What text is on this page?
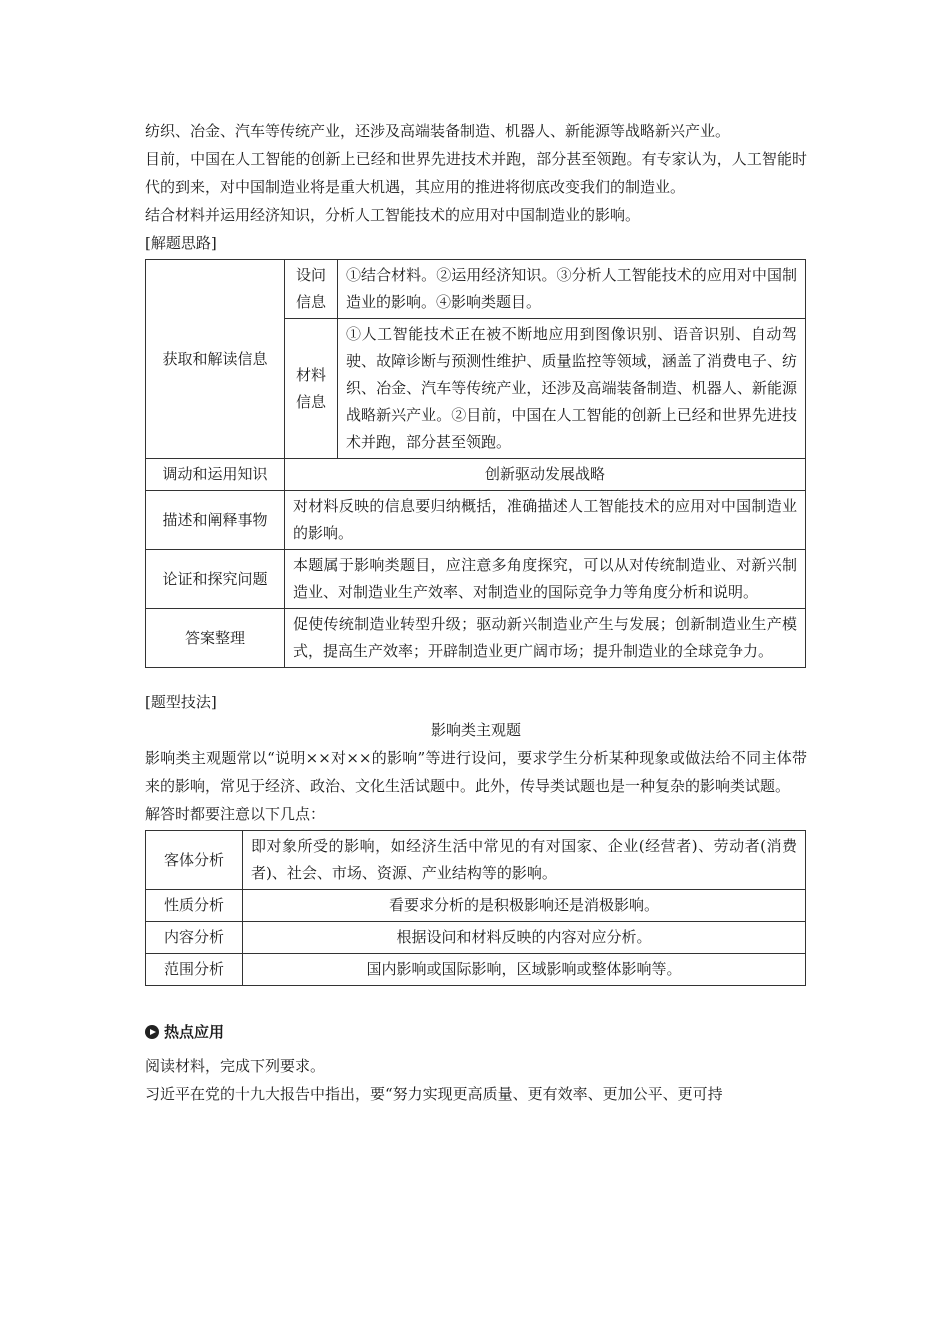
纺织、冶金、汽车等传统产业，还涉及高端装备制造、机器人、新能源等战略新兴产业。

目前，中国在人工智能的创新上已经和世界先进技术并跑，部分甚至领跑。有专家认为，人工智能时代的到来，对中国制造业将是重大机遇，其应用的推进将彻底改变我们的制造业。

结合材料并运用经济知识，分析人工智能技术的应用对中国制造业的影响。

[解题思路]

获取和解读信息	设问信息	①结合材料。②运用经济知识。③分析人工智能技术的应用对中国制造业的影响。④影响类题目。
	材料信息	①人工智能技术正在被不断地应用到图像识别、语音识别、自动驾驶、故障诊断与预测性维护、质量监控等领域，涵盖了消费电子、纺织、冶金、汽车等传统产业，还涉及高端装备制造、机器人、新能源战略新兴产业。②目前，中国在人工智能的创新上已经和世界先进技术并跑，部分甚至领跑。
调动和运用知识	创新驱动发展战略	
描述和阐释事物	对材料反映的信息要归纳概括，准确描述人工智能技术的应用对中国制造业的影响。	
论证和探究问题	本题属于影响类题目，应注意多角度探究，可以从对传统制造业、对新兴制造业、对制造业生产效率、对制造业的国际竞争力等角度分析和说明。	
答案整理	促使传统制造业转型升级；驱动新兴制造业产生与发展；创新制造业生产模式，提高生产效率；开辟制造业更广阔市场；提升制造业的全球竞争力。	

[题型技法]

影响类主观题

影响类主观题常以“说明××对××的影响”等进行设问，要求学生分析某种现象或做法给不同主体带来的影响，常见于经济、政治、文化生活试题中。此外，传导类试题也是一种复杂的影响类试题。

解答时都要注意以下几点：

客体分析	即对象所受的影响，如经济生活中常见的有对国家、企业(经营者)、劳动者(消费者)、社会、市场、资源、产业结构等的影响。
性质分析	看要求分析的是积极影响还是消极影响。
内容分析	根据设问和材料反映的内容对应分析。
范围分析	国内影响或国际影响，区域影响或整体影响等。
热点应用

阅读材料，完成下列要求。

习近平在党的十九大报告中指出，要“努力实现更高质量、更有效率、更加公平、更可持
